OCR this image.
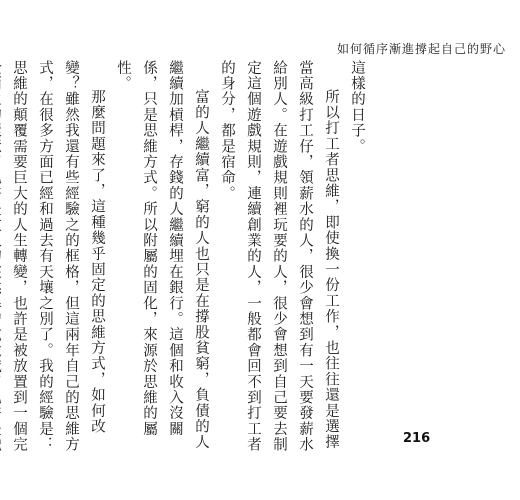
如何循序漸進撐起自己的野心

這樣的日子。

所以打工者思維，即使換一份工作，也往往還是選擇當高級打工仔，領薪水的人，很少會想到有一天要發薪水給別人。在遊戲規則裡玩要的人，很少會想到自己要去制定這個遊戲規則，連續創業的人，一般都會回不到打工者的身分，都是宿命。

富的人繼續富，窮的人也只是在撐股貧窮，負債的人繼續加槓桿，存錢的人繼續埋在銀行。這個和收入沒關係，只是思維方式。所以附屬的固化，來源於思維的屬性。

那麼問題來了，這種幾乎固定的思維方式，如何改變？雖然我還有些經驗之的框格，但這兩年自己的思維方式，在很多方面已經和過去有天壤之別了。我的經驗是：思維的顛覆需要巨大的人生轉變，也許是被放置到一個完	216
